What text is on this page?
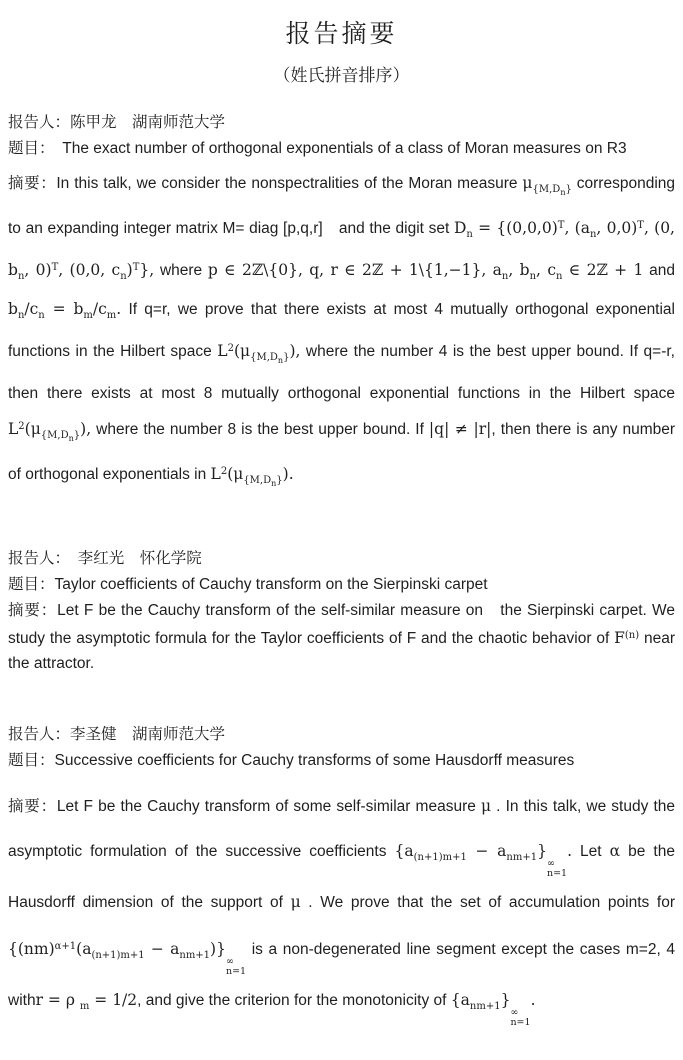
报告摘要
（姓氏拼音排序）

报告人：陈甲龙　湖南师范大学

题目：　The exact number of orthogonal exponentials of a class of Moran measures on R3

摘要：In this talk, we consider the nonspectralities of the Moran measure $\mu_{\{M,Dn\}}$ corresponding to an expanding integer matrix M= diag [p,q,r]　and the digit set $D_n = \{(0,0,0)^T$, ($a_n$, 0,0)$^T$, (0, $b_n$, 0)$^T$, (0,0, $c_n)^T$}, where p ∈ 2ℤ\{0}, q, r ∈ 2ℤ + 1\{1,−1}, $a_n$, $b_n$, $c_n$ ∈ 2ℤ + 1 and $b_n/c_n = b_m/c_m$. If q=r, we prove that there exists at most 4 mutually orthogonal exponential functions in the Hilbert space $L^2(\mu_{\{M,Dn\}})$, where the number 4 is the best upper bound. If q=-r, then there exists at most 8 mutually orthogonal exponential functions in the Hilbert space $L^2(\mu_{\{M,Dn\}})$, where the number 8 is the best upper bound. If |q| ≠ |r|, then there is any number of orthogonal exponentials in $L^2(\mu_{\{M,Dn\}})$.

报告人：　李红光　怀化学院

题目：Taylor coefficients of Cauchy transform on the Sierpinski carpet

摘要：Let F be the Cauchy transform of the self-similar measure on　the Sierpinski carpet. We study the asymptotic formula for the Taylor coefficients of F and the chaotic behavior of $F^{(n)}$ near the attractor.

报告人：李圣健　湖南师范大学

题目：Successive coefficients for Cauchy transforms of some Hausdorff measures

摘要：Let F be the Cauchy transform of some self-similar measure μ . In this talk, we study the asymptotic formulation of the successive coefficients $\{a_{(n+1)m+1} - a_{nm+1}\}$
∞
n=1
. Let α be the Hausdorff dimension of the support of μ . We prove that the set of accumulation points for $\{(nm)^{\alpha+1}(a_{(n+1)m+1} - a_{nm+1})\}$
∞
n=1
is a non-degenerated line segment except the cases m=2, 4 withr = ρ $_m$ = 1/2, and give the criterion for the monotonicity of $\{a_{nm+1}\}$
∞
n=1
.
